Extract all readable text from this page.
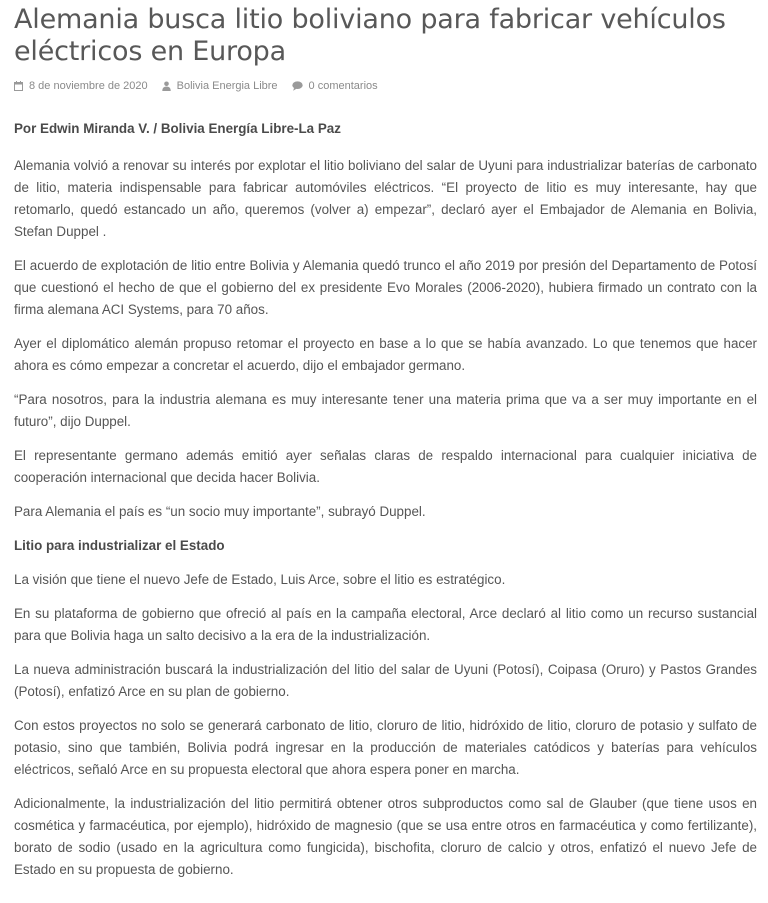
Alemania busca litio boliviano para fabricar vehículos eléctricos en Europa
8 de noviembre de 2020	Bolivia Energia Libre	0 comentarios

Por Edwin Miranda V. / Bolivia Energía Libre-La Paz

Alemania volvió a renovar su interés por explotar el litio boliviano del salar de Uyuni para industrializar baterías de carbonato de litio, materia indispensable para fabricar automóviles eléctricos. “El proyecto de litio es muy interesante, hay que retomarlo, quedó estancado un año, queremos (volver a) empezar”, declaró ayer el Embajador de Alemania en Bolivia, Stefan Duppel .

El acuerdo de explotación de litio entre Bolivia y Alemania quedó trunco el año 2019 por presión del Departamento de Potosí que cuestionó el hecho de que el gobierno del ex presidente Evo Morales (2006-2020), hubiera firmado un contrato con la firma alemana ACI Systems, para 70 años.

Ayer el diplomático alemán propuso retomar el proyecto en base a lo que se había avanzado. Lo que tenemos que hacer ahora es cómo empezar a concretar el acuerdo, dijo el embajador germano.

“Para nosotros, para la industria alemana es muy interesante tener una materia prima que va a ser muy importante en el futuro”, dijo Duppel.

El representante germano además emitió ayer señalas claras de respaldo internacional para cualquier iniciativa de cooperación internacional que decida hacer Bolivia.

Para Alemania el país es “un socio muy importante”, subrayó Duppel.

Litio para industrializar el Estado

La visión que tiene el nuevo Jefe de Estado, Luis Arce, sobre el litio es estratégico.

En su plataforma de gobierno que ofreció al país en la campaña electoral, Arce declaró al litio como un recurso sustancial para que Bolivia haga un salto decisivo a la era de la industrialización.

La nueva administración buscará la industrialización del litio del salar de Uyuni (Potosí), Coipasa (Oruro) y Pastos Grandes (Potosí), enfatizó Arce en su plan de gobierno.

Con estos proyectos no solo se generará carbonato de litio, cloruro de litio, hidróxido de litio, cloruro de potasio y sulfato de potasio, sino que también, Bolivia podrá ingresar en la producción de materiales catódicos y baterías para vehículos eléctricos, señaló Arce en su propuesta electoral que ahora espera poner en marcha.

Adicionalmente, la industrialización del litio permitirá obtener otros subproductos como sal de Glauber (que tiene usos en cosmética y farmacéutica, por ejemplo), hidróxido de magnesio (que se usa entre otros en farmacéutica y como fertilizante), borato de sodio (usado en la agricultura como fungicida), bischofita, cloruro de calcio y otros, enfatizó el nuevo Jefe de Estado en su propuesta de gobierno.
